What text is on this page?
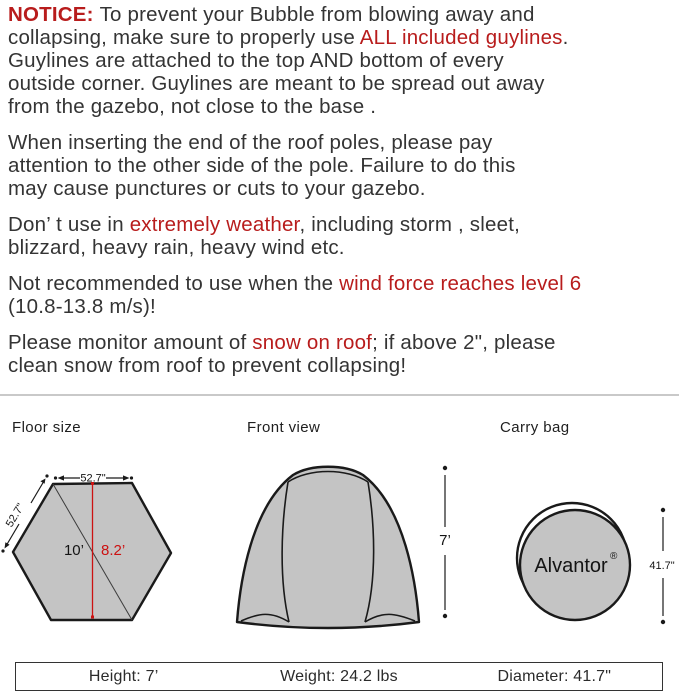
NOTICE: To prevent your Bubble from blowing away and
collapsing, make sure to properly use ALL included guylines.
Guylines are attached to the top AND bottom of every
outside corner. Guylines are meant to be spread out away
from the gazebo, not close to the base .

When inserting the end of the roof poles, please pay
attention to the other side of the pole. Failure to do this
may cause punctures or cuts to your gazebo.

Don’ t use in extremely weather, including storm , sleet,
blizzard, heavy rain, heavy wind etc.

Not recommended to use when the wind force reaches level 6
(10.8-13.8 m/s)!

Please monitor amount of snow on roof; if above 2", please
clean snow from roof to prevent collapsing!

Floor size	Front view	Carry bag
52.7"
52.7"
10’ 8.2’
7’
Alvantor ®
41.7"
Height: 7’	Weight: 24.2 lbs	Diameter: 41.7"
